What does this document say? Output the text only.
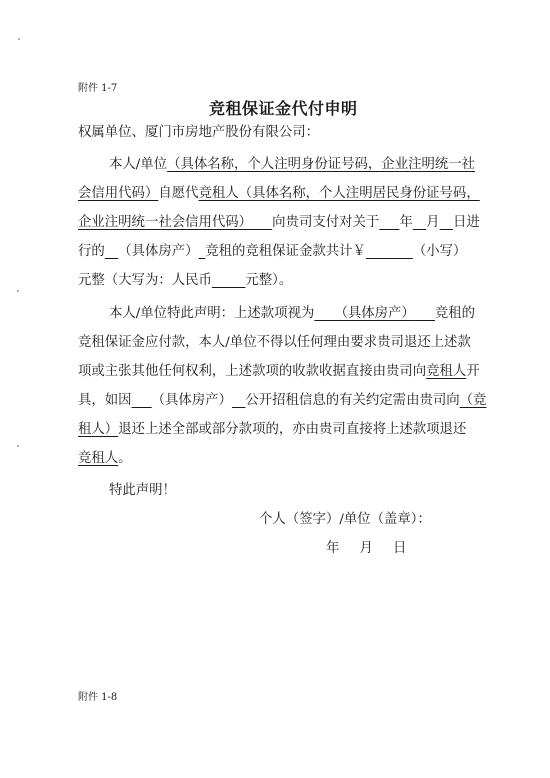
附件 1-7
竞租保证金代付申明
权属单位、厦门市房地产股份有限公司：
本人/单位（具体名称，个人注明身份证号码，企业注明统一社
会信用代码）自愿代竞租人（具体名称，个人注明居民身份证号码，
企业注明统一社会信用代码）   向贵司支付对关于   年  月  日进
行的   （具体房产）  竞租的竞租保证金款共计￥    	（小写）
元整（大写为：人民币    元整）。
本人/单位特此声明：上述款项视为   （具体房产）   竞租的
竞租保证金应付款，本人/单位不得以任何理由要求贵司退还上述款
项或主张其他任何权利，上述款项的收款收据直接由贵司向竞租人开
具，如因   （具体房产）  公开招租信息的有关约定需由贵司向（竞
租人）退还上述全部或部分款项的，亦由贵司直接将上述款项退还
竞租人。
特此声明！
个人（签字）/单位（盖章）：
年   月   日
附件 1-8
